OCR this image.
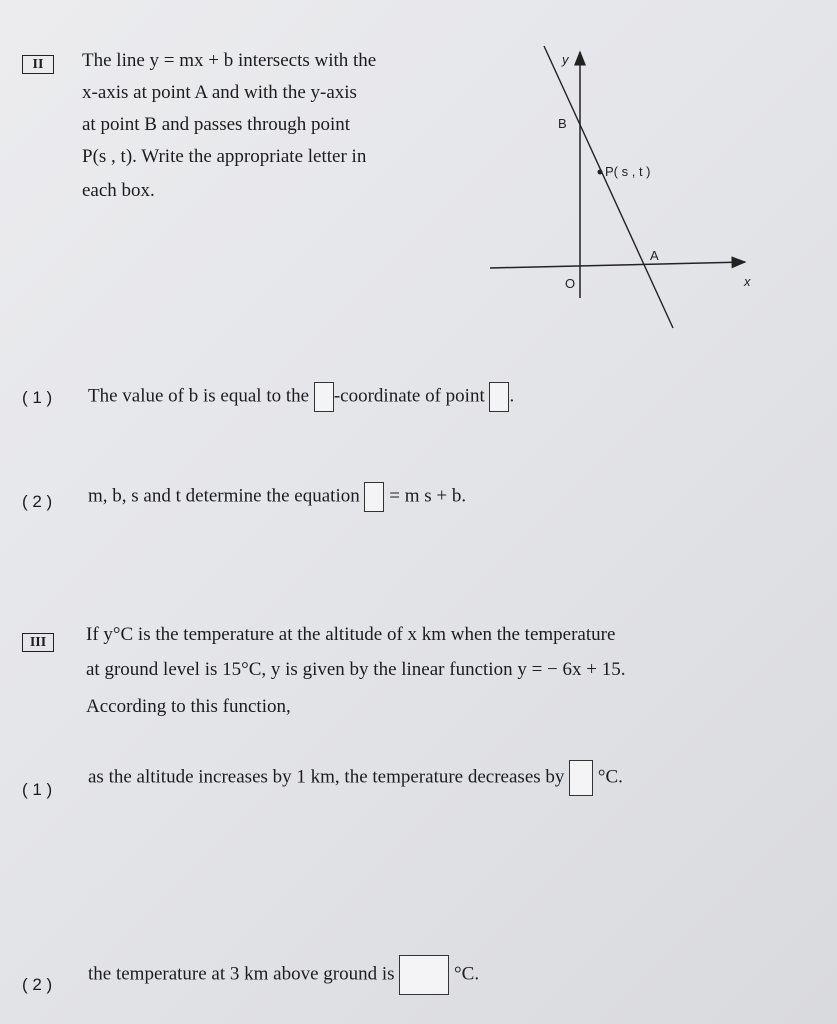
II	The line y = mx + b intersects with the
x-axis at point A and with the y-axis
at point B and passes through point
P(s , t). Write the appropriate letter in
each box.
y
x
O
B
P( s , t )
A
( 1 ) The value of b is equal to the -coordinate of point .
( 2 ) m, b, s and t determine the equation = m s + b.
III	If y°C is the temperature at the altitude of x km when the temperature
at ground level is 15°C, y is given by the linear function y = − 6x + 15.
According to this function,
( 1 )
as the altitude increases by 1 km, the temperature decreases by °C.
( 2 )
the temperature at 3 km above ground is	°C.
